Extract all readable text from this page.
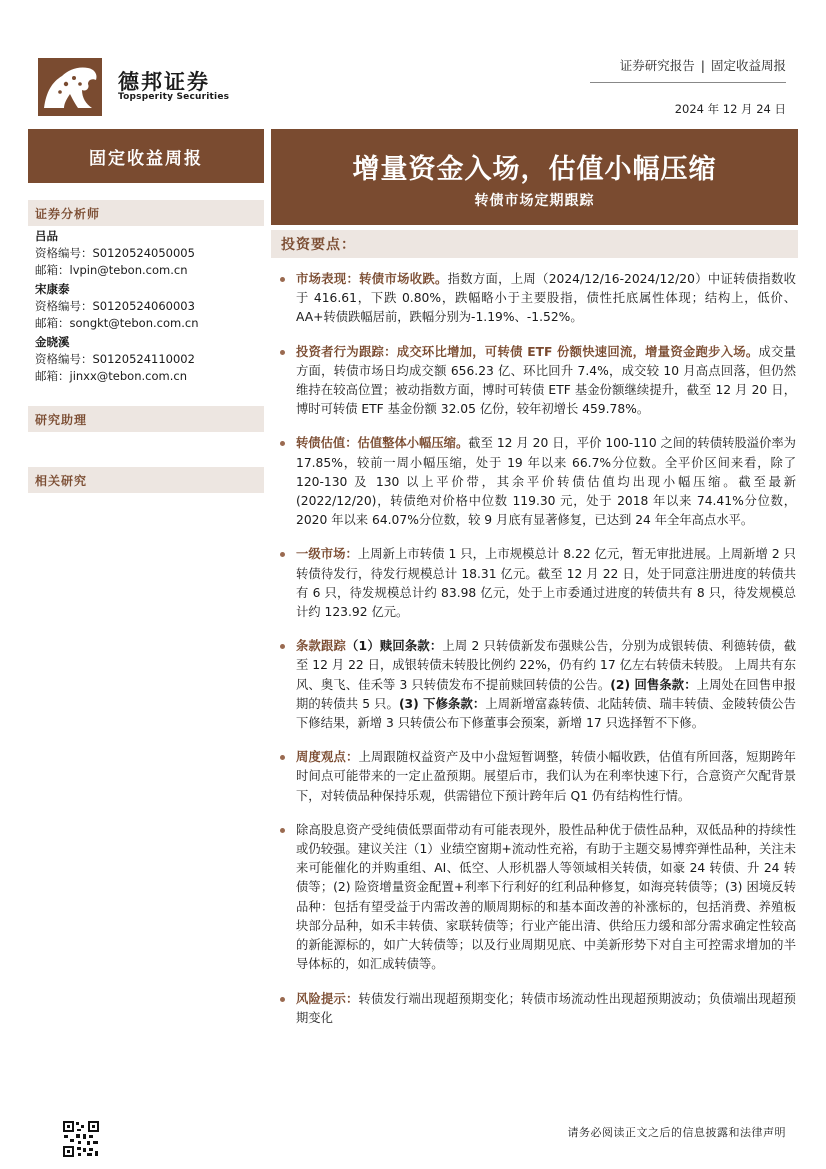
德邦证券
Topsperity Securities
证券研究报告 | 固定收益周报
2024 年 12 月 24 日
固定收益周报	增量资金入场，估值小幅压缩
转债市场定期跟踪
证券分析师
吕品
资格编号：S0120524050005
邮箱：lvpin@tebon.com.cn
宋康泰
资格编号：S0120524060003
邮箱：songkt@tebon.com.cn
金晓溪
资格编号：S0120524110002
邮箱：jinxx@tebon.com.cn
研究助理
相关研究
投资要点：
市场表现：转债市场收跌。指数方面，上周（2024/12/16-2024/12/20）中证转债指数收于 416.61，下跌 0.80%，跌幅略小于主要股指，债性托底属性体现；结构上，低价、AA+转债跌幅居前，跌幅分别为-1.19%、-1.52%。
投资者行为跟踪：成交环比增加，可转债 ETF 份额快速回流，增量资金跑步入场。成交量方面，转债市场日均成交额 656.23 亿、环比回升 7.4%，成交较 10 月高点回落，但仍然维持在较高位置；被动指数方面，博时可转债 ETF 基金份额继续提升，截至 12 月 20 日，博时可转债 ETF 基金份额 32.05 亿份，较年初增长 459.78%。
转债估值：估值整体小幅压缩。截至 12 月 20 日，平价 100-110 之间的转债转股溢价率为 17.85%，较前一周小幅压缩，处于 19 年以来 66.7%分位数。全平价区间来看，除了 120-130 及 130 以上平价带，其余平价转债估值均出现小幅压缩。截至最新(2022/12/20)，转债绝对价格中位数 119.30 元，处于 2018 年以来 74.41%分位数，2020 年以来 64.07%分位数，较 9 月底有显著修复，已达到 24 年全年高点水平。
一级市场：上周新上市转债 1 只，上市规模总计 8.22 亿元，暂无审批进展。上周新增 2 只转债待发行，待发行规模总计 18.31 亿元。截至 12 月 22 日，处于同意注册进度的转债共有 6 只，待发规模总计约 83.98 亿元，处于上市委通过进度的转债共有 8 只，待发规模总计约 123.92 亿元。
条款跟踪（1）赎回条款：上周 2 只转债新发布强赎公告，分别为成银转债、利德转债，截至 12 月 22 日，成银转债未转股比例约 22%，仍有约 17 亿左右转债未转股。 上周共有东风、奥飞、佳禾等 3 只转债发布不提前赎回转债的公告。(2) 回售条款：上周处在回售申报期的转债共 5 只。(3) 下修条款：上周新增富淼转债、北陆转债、瑞丰转债、金陵转债公告下修结果，新增 3 只转债公布下修董事会预案，新增 17 只选择暂不下修。
周度观点：上周跟随权益资产及中小盘短暂调整，转债小幅收跌，估值有所回落，短期跨年时间点可能带来的一定止盈预期。展望后市，我们认为在利率快速下行，合意资产欠配背景下，对转债品种保持乐观，供需错位下预计跨年后 Q1 仍有结构性行情。
除高股息资产受纯债低票面带动有可能表现外，股性品种优于债性品种，双低品种的持续性或仍较强。建议关注（1）业绩空窗期+流动性充裕，有助于主题交易博弈弹性品种，关注未来可能催化的并购重组、AI、低空、人形机器人等领域相关转债，如豪 24 转债、升 24 转债等；(2) 险资增量资金配置+利率下行利好的红利品种修复，如海亮转债等；(3) 困境反转品种：包括有望受益于内需改善的顺周期标的和基本面改善的补涨标的，包括消费、养殖板块部分品种，如禾丰转债、家联转债等；行业产能出清、供给压力缓和部分需求确定性较高的新能源标的，如广大转债等；以及行业周期见底、中美新形势下对自主可控需求增加的半导体标的，如汇成转债等。
风险提示：转债发行端出现超预期变化；转债市场流动性出现超预期波动；负债端出现超预期变化
请务必阅读正文之后的信息披露和法律声明
